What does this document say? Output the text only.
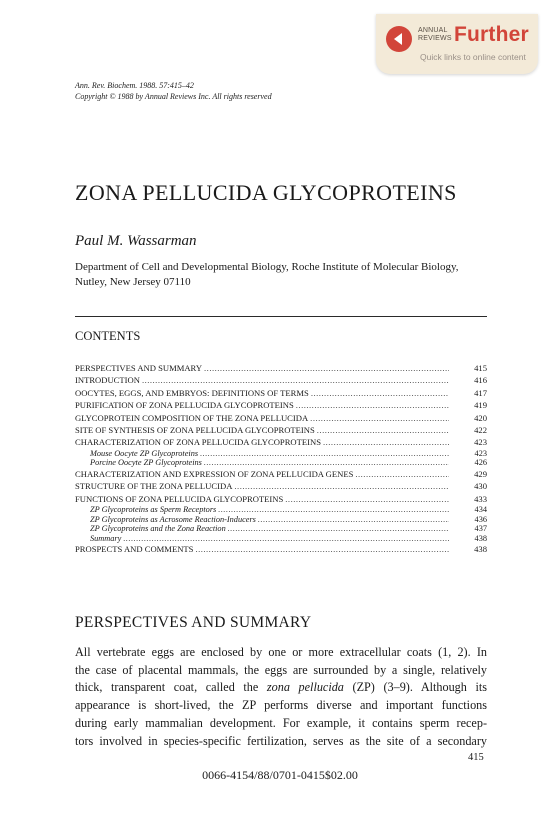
ANNUAL
REVIEWS Further
Quick links to online content
Ann. Rev. Biochem. 1988. 57:415–42
Copyright © 1988 by Annual Reviews Inc. All rights reserved
ZONA PELLUCIDA GLYCOPROTEINS
Paul M. Wassarman
Department of Cell and Developmental Biology, Roche Institute of Molecular Biology, Nutley, New Jersey 07110
CONTENTS
PERSPECTIVES AND SUMMARY .....	415
INTRODUCTION .....	416
OOCYTES, EGGS, AND EMBRYOS: DEFINITIONS OF TERMS .....	417
PURIFICATION OF ZONA PELLUCIDA GLYCOPROTEINS .....	419
GLYCOPROTEIN COMPOSITION OF THE ZONA PELLUCIDA .....	420
SITE OF SYNTHESIS OF ZONA PELLUCIDA GLYCOPROTEINS .....	422
CHARACTERIZATION OF ZONA PELLUCIDA GLYCOPROTEINS .....	423
Mouse Oocyte ZP Glycoproteins .....	423
Porcine Oocyte ZP Glycoproteins .....	426
CHARACTERIZATION AND EXPRESSION OF ZONA PELLUCIDA GENES .....	429
STRUCTURE OF THE ZONA PELLUCIDA .....	430
FUNCTIONS OF ZONA PELLUCIDA GLYCOPROTEINS .....	433
ZP Glycoproteins as Sperm Receptors .....	434
ZP Glycoproteins as Acrosome Reaction-Inducers .....	436
ZP Glycoproteins and the Zona Reaction .....	437
Summary .....	438
PROSPECTS AND COMMENTS .....	438
PERSPECTIVES AND SUMMARY
All vertebrate eggs are enclosed by one or more extracellular coats (1, 2). In
the case of placental mammals, the eggs are surrounded by a single, relatively
thick, transparent coat, called the zona pellucida (ZP) (3–9). Although its
appearance is short-lived, the ZP performs diverse and important functions
during early mammalian development. For example, it contains sperm recep-
tors involved in species-specific fertilization, serves as the site of a secondary
415
0066-4154/88/0701-0415$02.00
